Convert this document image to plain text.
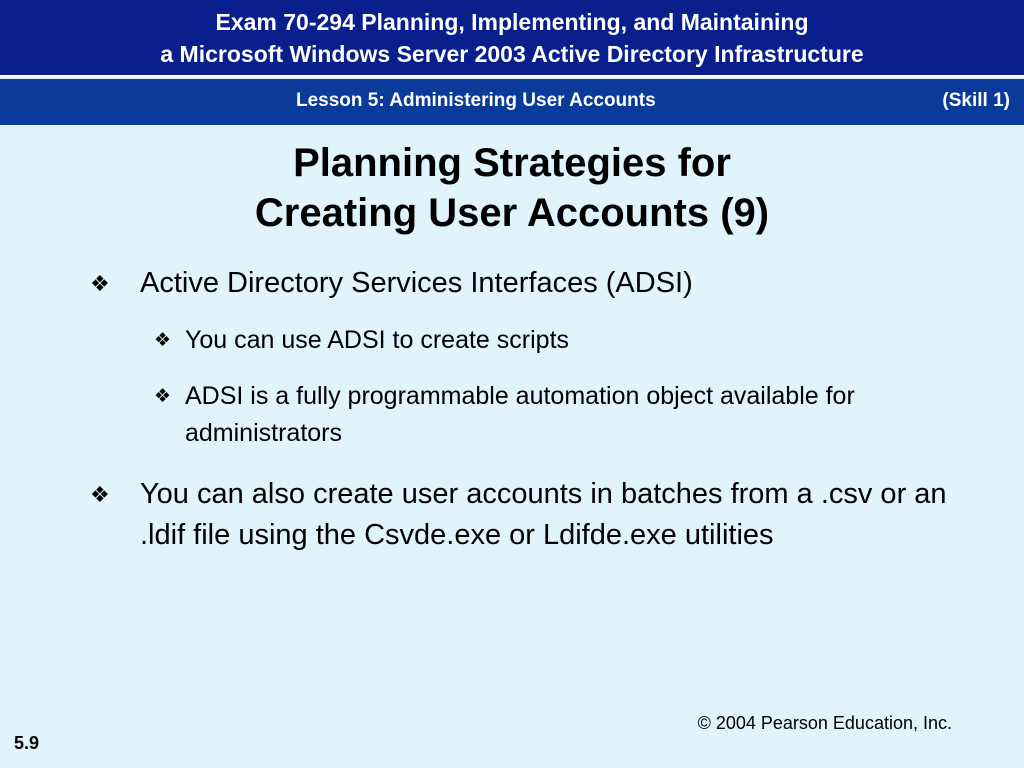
Exam 70-294 Planning, Implementing, and Maintaining
a Microsoft Windows Server 2003 Active Directory Infrastructure
Lesson 5: Administering User Accounts	(Skill 1)
Planning Strategies for
Creating User Accounts (9)
❖ Active Directory Services Interfaces (ADSI)
❖ You can use ADSI to create scripts
❖ ADSI is a fully programmable automation object available for administrators
❖ You can also create user accounts in batches from a .csv or an .ldif file using the Csvde.exe or Ldifde.exe utilities
© 2004 Pearson Education, Inc.
5.9
